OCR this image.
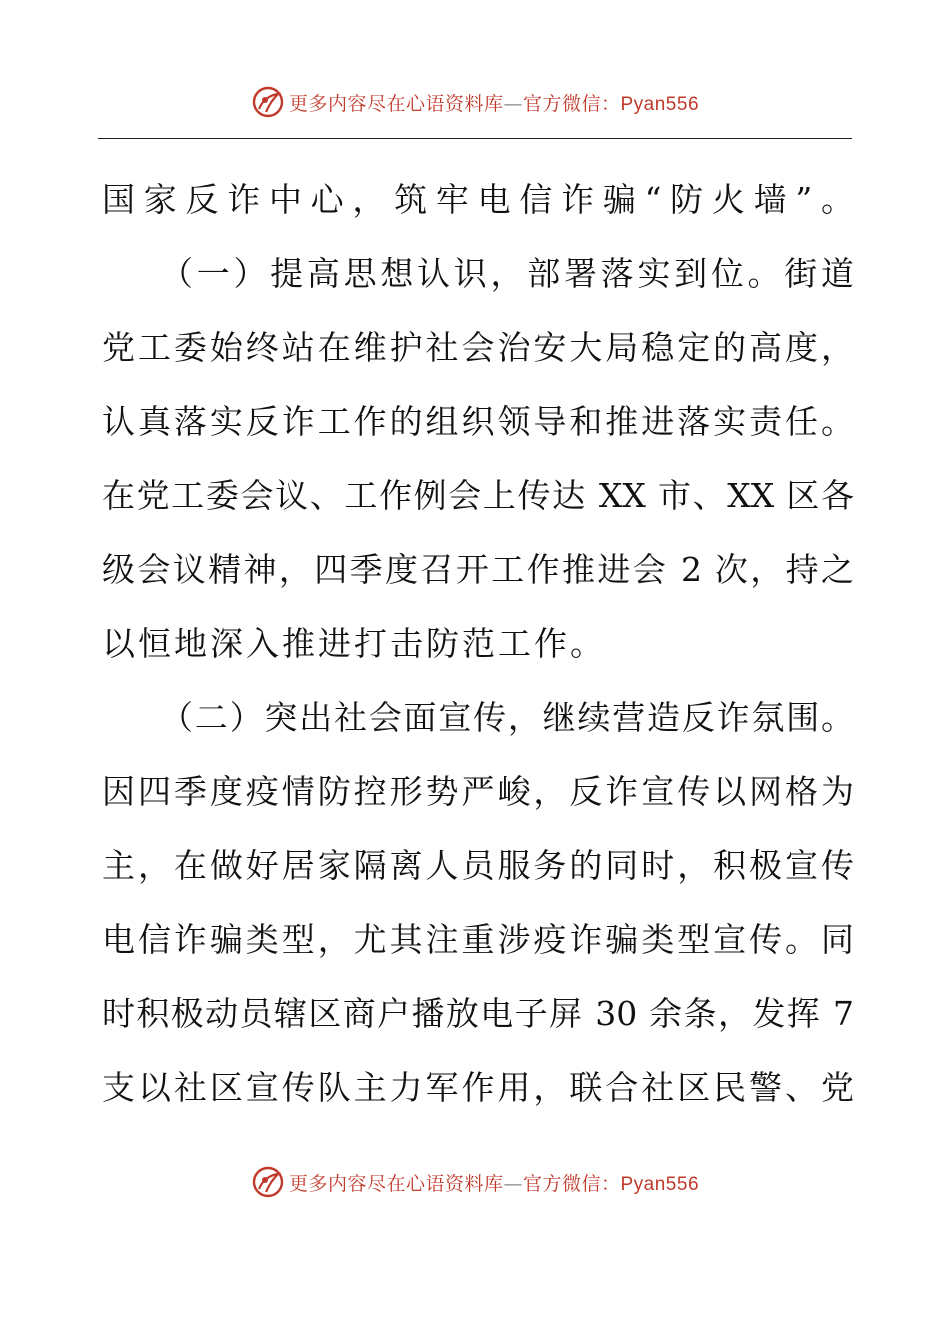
更多内容尽在心语资料库—官方微信：Pyan556
国家反诈中心，筑牢电信诈骗“防火墙”。
（一）提高思想认识，部署落实到位。街道
党工委始终站在维护社会治安大局稳定的高度，
认真落实反诈工作的组织领导和推进落实责任。
在党工委会议、工作例会上传达 XX 市、XX 区各
级会议精神，四季度召开工作推进会 2 次，持之
以恒地深入推进打击防范工作。
（二）突出社会面宣传，继续营造反诈氛围。
因四季度疫情防控形势严峻，反诈宣传以网格为
主，在做好居家隔离人员服务的同时，积极宣传
电信诈骗类型，尤其注重涉疫诈骗类型宣传。同
时积极动员辖区商户播放电子屏 30 余条，发挥 7
支以社区宣传队主力军作用，联合社区民警、党
更多内容尽在心语资料库—官方微信：Pyan556
